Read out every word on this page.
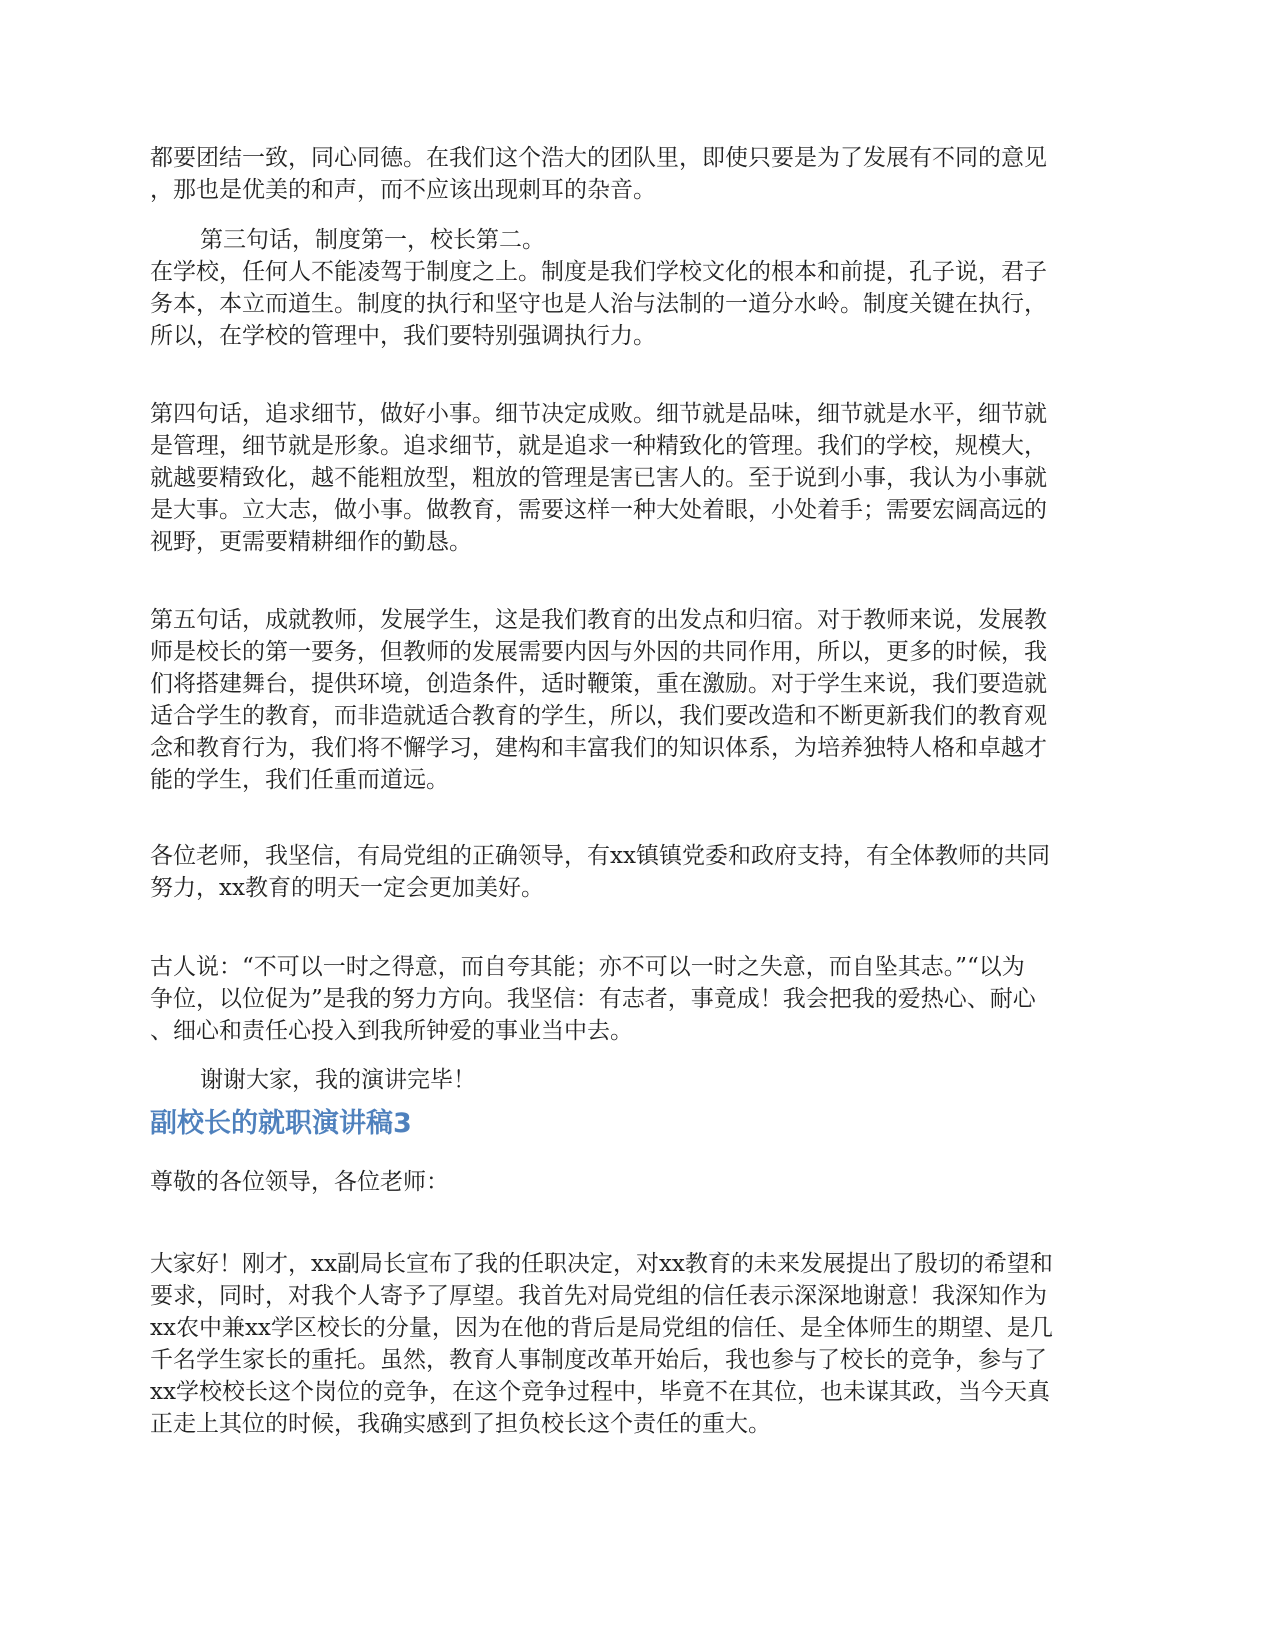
都要团结一致，同心同德。在我们这个浩大的团队里，即使只要是为了发展有不同的意见
，那也是优美的和声，而不应该出现刺耳的杂音。
第三句话，制度第一，校长第二。
在学校，任何人不能凌驾于制度之上。制度是我们学校文化的根本和前提，孔子说，君子
务本，本立而道生。制度的执行和坚守也是人治与法制的一道分水岭。制度关键在执行，
所以，在学校的管理中，我们要特别强调执行力。
第四句话，追求细节，做好小事。细节决定成败。细节就是品味，细节就是水平，细节就
是管理，细节就是形象。追求细节，就是追求一种精致化的管理。我们的学校，规模大，
就越要精致化，越不能粗放型，粗放的管理是害已害人的。至于说到小事，我认为小事就
是大事。立大志，做小事。做教育，需要这样一种大处着眼，小处着手；需要宏阔高远的
视野，更需要精耕细作的勤恳。
第五句话，成就教师，发展学生，这是我们教育的出发点和归宿。对于教师来说，发展教
师是校长的第一要务，但教师的发展需要内因与外因的共同作用，所以，更多的时候，我
们将搭建舞台，提供环境，创造条件，适时鞭策，重在激励。对于学生来说，我们要造就
适合学生的教育，而非造就适合教育的学生，所以，我们要改造和不断更新我们的教育观
念和教育行为，我们将不懈学习，建构和丰富我们的知识体系，为培养独特人格和卓越才
能的学生，我们任重而道远。
各位老师，我坚信，有局党组的正确领导，有xx镇镇党委和政府支持，有全体教师的共同
努力，xx教育的明天一定会更加美好。
古人说：“不可以一时之得意，而自夸其能；亦不可以一时之失意，而自坠其志。”“以为
争位，以位促为”是我的努力方向。我坚信：有志者，事竟成！我会把我的爱热心、耐心
、细心和责任心投入到我所钟爱的事业当中去。
谢谢大家，我的演讲完毕！
副校长的就职演讲稿3
尊敬的各位领导，各位老师：
大家好！刚才，xx副局长宣布了我的任职决定，对xx教育的未来发展提出了殷切的希望和
要求，同时，对我个人寄予了厚望。我首先对局党组的信任表示深深地谢意！我深知作为
xx农中兼xx学区校长的分量，因为在他的背后是局党组的信任、是全体师生的期望、是几
千名学生家长的重托。虽然，教育人事制度改革开始后，我也参与了校长的竞争，参与了
xx学校校长这个岗位的竞争，在这个竞争过程中，毕竟不在其位，也未谋其政，当今天真
正走上其位的时候，我确实感到了担负校长这个责任的重大。
